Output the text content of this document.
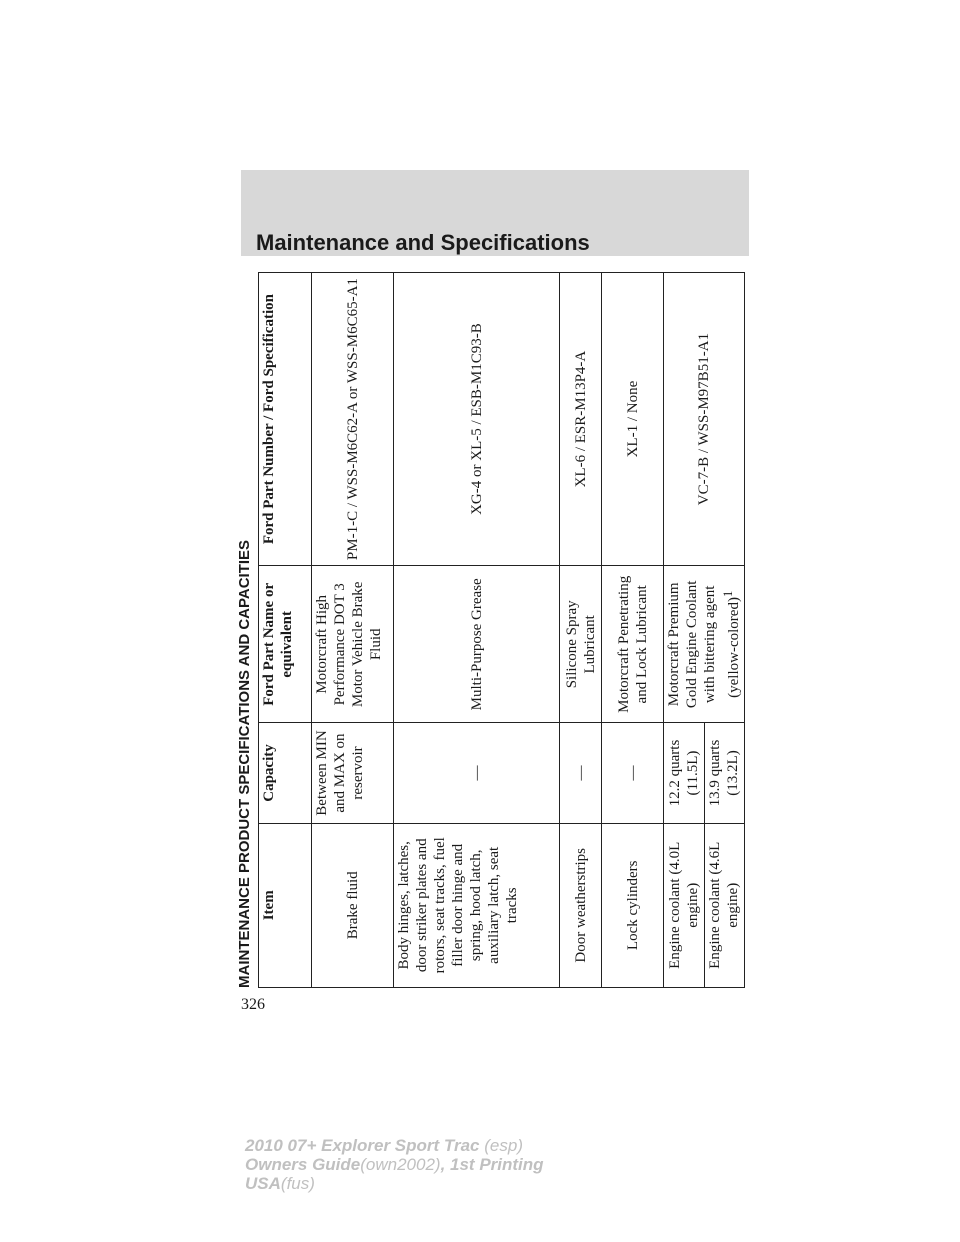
Maintenance and Specifications
MAINTENANCE PRODUCT SPECIFICATIONS AND CAPACITIES Item	Capacity	Ford Part Name or equivalent	Ford Part Number / Ford Specification
Brake fluid	Between MIN and MAX on reservoir	Motorcraft High Performance DOT 3 Motor Vehicle Brake Fluid	PM-1-C / WSS-M6C62-A or WSS-M6C65-A1
Body hinges, latches, door striker plates and rotors, seat tracks, fuel filler door hinge and spring, hood latch, auxiliary latch, seat tracks	—	Multi-Purpose Grease	XG-4 or XL-5 / ESB-M1C93-B
Door weatherstrips	—	Silicone Spray Lubricant	XL-6 / ESR-M13P4-A
Lock cylinders	—	Motorcraft Penetrating and Lock Lubricant	XL-1 / None
Engine coolant (4.0L engine)	12.2 quarts (11.5L)	Motorcraft Premium Gold Engine Coolant with bittering agent (yellow-colored)$^1$	VC-7-B / WSS-M97B51-A1
Engine coolant (4.6L engine)	13.9 quarts (13.2L)		
326
2010 07+ Explorer Sport Trac (esp)
Owners Guide(own2002), 1st Printing
USA(fus)
